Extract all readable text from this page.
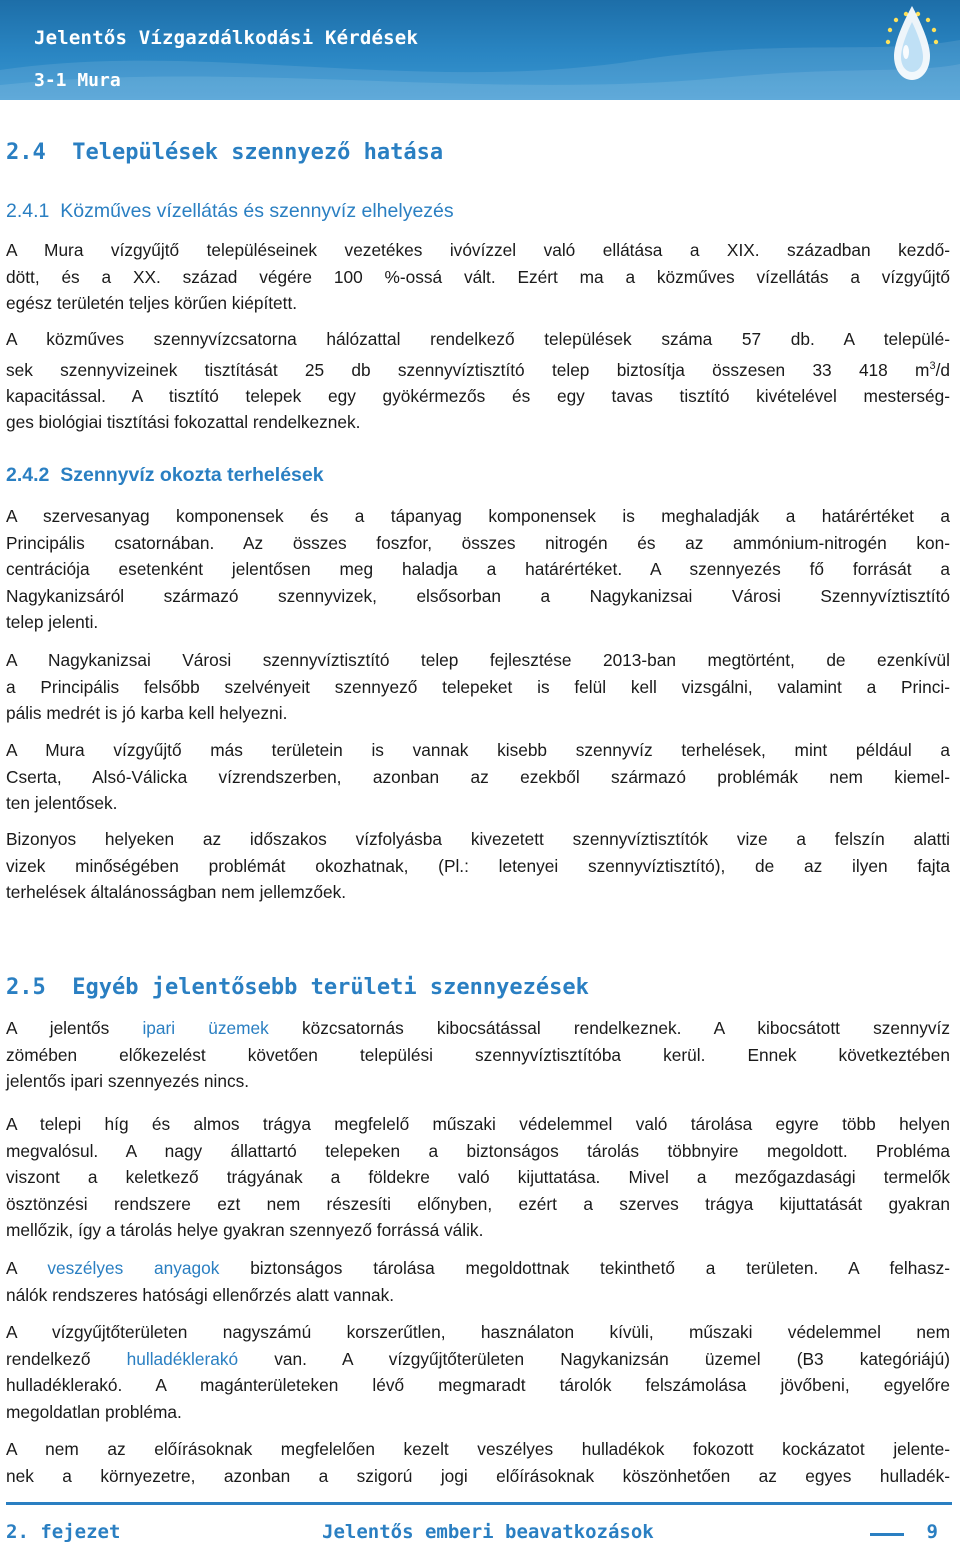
Jelentős Vízgazdálkodási Kérdések
3-1 Mura
2.4 Települések szennyező hatása
2.4.1 Közműves vízellátás és szennyvíz elhelyezés
A Mura vízgyűjtő településeinek vezetékes ivóvízzel való ellátása a XIX. században kezdő-
dött, és a XX. század végére 100 %-ossá vált. Ezért ma a közműves vízellátás a vízgyűjtő
egész területén teljes körűen kiépített.
A közműves szennyvízcsatorna hálózattal rendelkező települések száma 57 db. A települé-
sek szennyvizeinek tisztítását 25 db szennyvíztisztító telep biztosítja összesen 33 418 $m^3/d$
kapacitással. A tisztító telepek egy gyökérmezős és egy tavas tisztító kivételével mesterség-
ges biológiai tisztítási fokozattal rendelkeznek.
2.4.2 Szennyvíz okozta terhelések
A szervesanyag komponensek és a tápanyag komponensek is meghaladják a határértéket a
Principális csatornában. Az összes foszfor, összes nitrogén és az ammónium-nitrogén kon-
centrációja esetenként jelentősen meg haladja a határértéket. A szennyezés fő forrását a
Nagykanizsáról származó szennyvizek, elsősorban a Nagykanizsai Városi Szennyvíztisztító
telep jelenti.
A Nagykanizsai Városi szennyvíztisztító telep fejlesztése 2013-ban megtörtént, de ezenkívül
a Principális felsőbb szelvényeit szennyező telepeket is felül kell vizsgálni, valamint a Princi-
pális medrét is jó karba kell helyezni.
A Mura vízgyűjtő más területein is vannak kisebb szennyvíz terhelések, mint például a
Cserta, Alsó-Válicka vízrendszerben, azonban az ezekből származó problémák nem kiemel-
ten jelentősek.
Bizonyos helyeken az időszakos vízfolyásba kivezetett szennyvíztisztítók vize a felszín alatti
vizek minőségében problémát okozhatnak, (Pl.: letenyei szennyvíztisztító), de az ilyen fajta
terhelések általánosságban nem jellemzőek.
2.5 Egyéb jelentősebb területi szennyezések
A jelentős ipari üzemek közcsatornás kibocsátással rendelkeznek. A kibocsátott szennyvíz
zömében előkezelést követően települési szennyvíztisztítóba kerül. Ennek következtében
jelentős ipari szennyezés nincs.
A telepi híg és almos trágya megfelelő műszaki védelemmel való tárolása egyre több helyen
megvalósul. A nagy állattartó telepeken a biztonságos tárolás többnyire megoldott. Probléma
viszont a keletkező trágyának a földekre való kijuttatása. Mivel a mezőgazdasági termelők
ösztönzési rendszere ezt nem részesíti előnyben, ezért a szerves trágya kijuttatását gyakran
mellőzik, így a tárolás helye gyakran szennyező forrássá válik.
A veszélyes anyagok biztonságos tárolása megoldottnak tekinthető a területen. A felhasz-
nálók rendszeres hatósági ellenőrzés alatt vannak.
A vízgyűjtőterületen nagyszámú korszerűtlen, használaton kívüli, műszaki védelemmel nem
rendelkező hulladéklerakó van. A vízgyűjtőterületen Nagykanizsán üzemel (B3 kategóriájú)
hulladéklerakó. A magánterületeken lévő megmaradt tárolók felszámolása jövőbeni, egyelőre
megoldatlan probléma.
A nem az előírásoknak megfelelően kezelt veszélyes hulladékok fokozott kockázatot jelente-
nek a környezetre, azonban a szigorú jogi előírásoknak köszönhetően az egyes hulladék-
2. fejezet	Jelentős emberi beavatkozások	9
